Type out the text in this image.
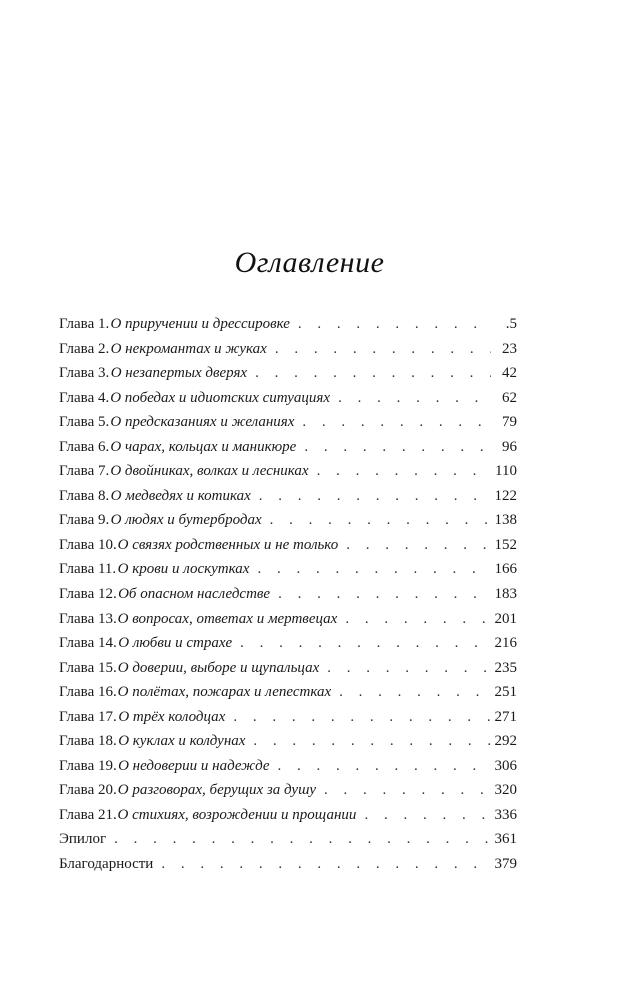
Оглавление
Глава 1. О приручении и дрессировке . . .	.5
Глава 2. О некромантах и жуках . . .	23
Глава 3. О незапертых дверях . . .	42
Глава 4. О победах и идиотских ситуациях . . .	62
Глава 5. О предсказаниях и желаниях . . .	79
Глава 6. О чарах, кольцах и маникюре . . .	96
Глава 7. О двойниках, волках и лесниках . . .	110
Глава 8. О медведях и котиках . . .	122
Глава 9. О людях и бутербродах . . .	138
Глава 10. О связях родственных и не только . . .	152
Глава 11. О крови и лоскутках . . .	166
Глава 12. Об опасном наследстве . . .	183
Глава 13. О вопросах, ответах и мертвецах . . .	201
Глава 14. О любви и страхе . . .	216
Глава 15. О доверии, выборе и щупальцах . . .	235
Глава 16. О полётах, пожарах и лепестках . . .	251
Глава 17. О трёх колодцах . . .	271
Глава 18. О куклах и колдунах . . .	292
Глава 19. О недоверии и надежде . . .	306
Глава 20. О разговорах, берущих за душу . . .	320
Глава 21. О стихиях, возрождении и прощании . . .	336
Эпилог . . .	361
Благодарности . . .	379
